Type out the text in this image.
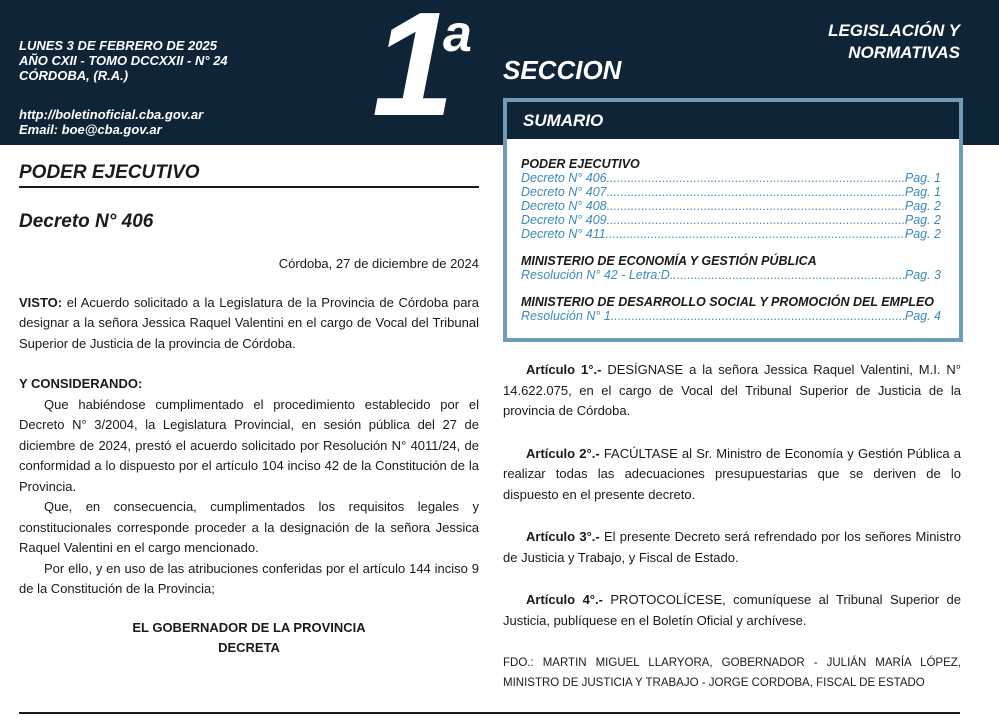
LUNES 3 DE FEBRERO DE 2025
AÑO CXII - TOMO DCCXXII - N° 24
CÓRDOBA, (R.A.)
http://boletinoficial.cba.gov.ar
Email: boe@cba.gov.ar	1
a
SECCION
LEGISLACIÓN Y
NORMATIVAS
SUMARIO
PODER EJECUTIVO
Decreto N° 406 .....	Pag. 1
Decreto N° 407 .....	Pag. 1
Decreto N° 408 .....	Pag. 2
Decreto N° 409 .....	Pag. 2
Decreto N° 411 .....	Pag. 2
MINISTERIO DE ECONOMÍA Y GESTIÓN PÚBLICA
Resolución N° 42 - Letra:D .....	Pag. 3
MINISTERIO DE DESARROLLO SOCIAL Y PROMOCIÓN DEL EMPLEO
Resolución N° 1 .....	Pag. 4
PODER EJECUTIVO
Decreto N° 406
Córdoba, 27 de diciembre de 2024
VISTO: el Acuerdo solicitado a la Legislatura de la Provincia de Córdoba para designar a la señora Jessica Raquel Valentini en el cargo de Vocal del Tribunal Superior de Justicia de la provincia de Córdoba.
Y CONSIDERANDO:
Que habiéndose cumplimentado el procedimiento establecido por el Decreto N° 3/2004, la Legislatura Provincial, en sesión pública del 27 de diciembre de 2024, prestó el acuerdo solicitado por Resolución N° 4011/24, de conformidad a lo dispuesto por el artículo 104 inciso 42 de la Constitución de la Provincia.
Que, en consecuencia, cumplimentados los requisitos legales y constitucionales corresponde proceder a la designación de la señora Jessica Raquel Valentini en el cargo mencionado.
Por ello, y en uso de las atribuciones conferidas por el artículo 144 inciso 9 de la Constitución de la Provincia;
EL GOBERNADOR DE LA PROVINCIA
DECRETA
Artículo 1°.- DESÍGNASE a la señora Jessica Raquel Valentini, M.I. N° 14.622.075, en el cargo de Vocal del Tribunal Superior de Justicia de la provincia de Córdoba.
Artículo 2°.- FACÚLTASE al Sr. Ministro de Economía y Gestión Pública a realizar todas las adecuaciones presupuestarias que se deriven de lo dispuesto en el presente decreto.
Artículo 3°.- El presente Decreto será refrendado por los señores Ministro de Justicia y Trabajo, y Fiscal de Estado.
Artículo 4°.- PROTOCOLÍCESE, comuníquese al Tribunal Superior de Justicia, publíquese en el Boletín Oficial y archívese.
FDO.: MARTIN MIGUEL LLARYORA, GOBERNADOR - JULIÁN MARÍA LÓPEZ, MINISTRO DE JUSTICIA Y TRABAJO - JORGE CORDOBA, FISCAL DE ESTADO
